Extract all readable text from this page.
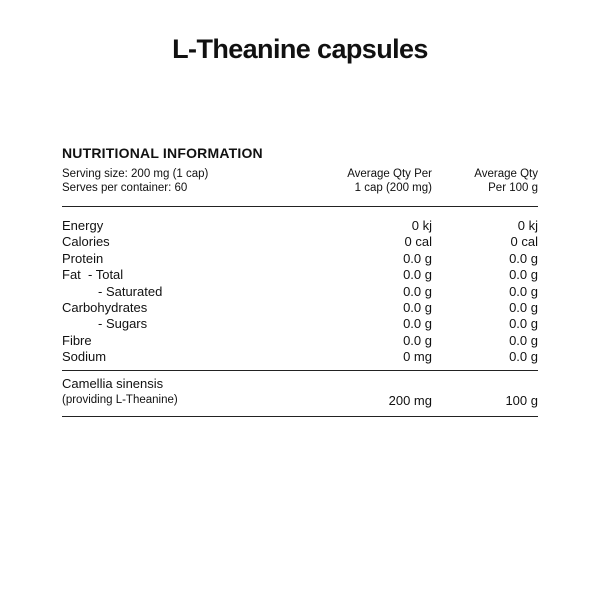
L-Theanine capsules
NUTRITIONAL INFORMATION
Serving size: 200 mg (1 cap)	Average Qty Per	Average Qty
Serves per container: 60	1 cap (200 mg)	Per 100 g
Energy	0 kj	0 kj
Calories	0 cal	0 cal
Protein	0.0 g	0.0 g
Fat  - Total	0.0 g	0.0 g
- Saturated	0.0 g	0.0 g
Carbohydrates	0.0 g	0.0 g
- Sugars	0.0 g	0.0 g
Fibre	0.0 g	0.0 g
Sodium	0 mg	0.0 g
Camellia sinensis
(providing L-Theanine)	200 mg	100 g
